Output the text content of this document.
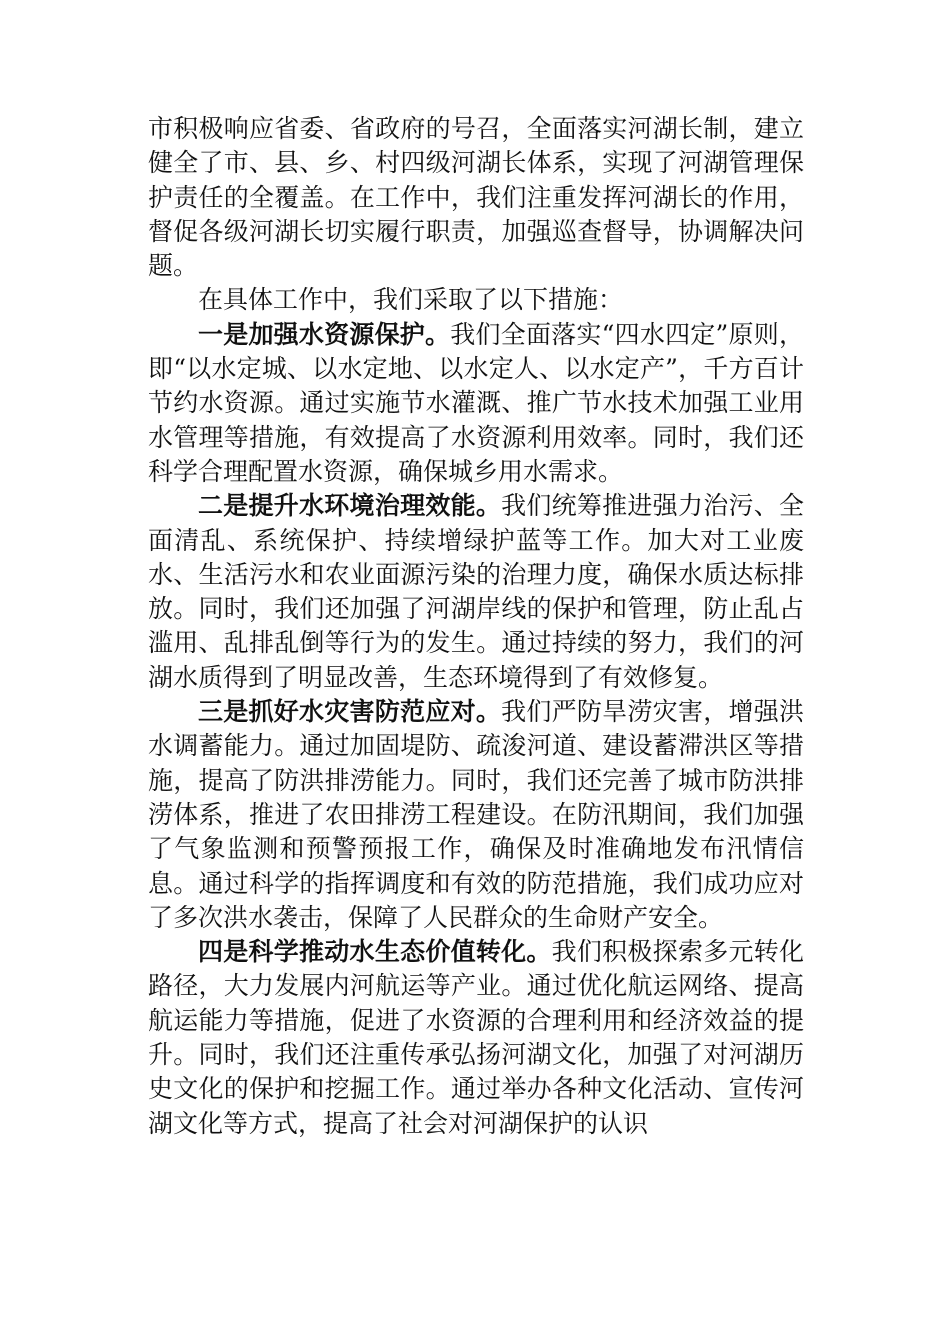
市积极响应省委、省政府的号召，全面落实河湖长制，建立健全了市、县、乡、村四级河湖长体系，实现了河湖管理保护责任的全覆盖。在工作中，我们注重发挥河湖长的作用，督促各级河湖长切实履行职责，加强巡查督导，协调解决问题。

在具体工作中，我们采取了以下措施：

一是加强水资源保护。我们全面落实“四水四定”原则，即“以水定城、以水定地、以水定人、以水定产”，千方百计节约水资源。通过实施节水灌溉、推广节水技术加强工业用水管理等措施，有效提高了水资源利用效率。同时，我们还科学合理配置水资源，确保城乡用水需求。

二是提升水环境治理效能。我们统筹推进强力治污、全面清乱、系统保护、持续增绿护蓝等工作。加大对工业废水、生活污水和农业面源污染的治理力度，确保水质达标排放。同时，我们还加强了河湖岸线的保护和管理，防止乱占滥用、乱排乱倒等行为的发生。通过持续的努力，我们的河湖水质得到了明显改善，生态环境得到了有效修复。

三是抓好水灾害防范应对。我们严防旱涝灾害，增强洪水调蓄能力。通过加固堤防、疏浚河道、建设蓄滞洪区等措施，提高了防洪排涝能力。同时，我们还完善了城市防洪排涝体系，推进了农田排涝工程建设。在防汛期间，我们加强了气象监测和预警预报工作，确保及时准确地发布汛情信息。通过科学的指挥调度和有效的防范措施，我们成功应对了多次洪水袭击，保障了人民群众的生命财产安全。

四是科学推动水生态价值转化。我们积极探索多元转化路径，大力发展内河航运等产业。通过优化航运网络、提高航运能力等措施，促进了水资源的合理利用和经济效益的提升。同时，我们还注重传承弘扬河湖文化，加强了对河湖历史文化的保护和挖掘工作。通过举办各种文化活动、宣传河湖文化等方式，提高了社会对河湖保护的认识
